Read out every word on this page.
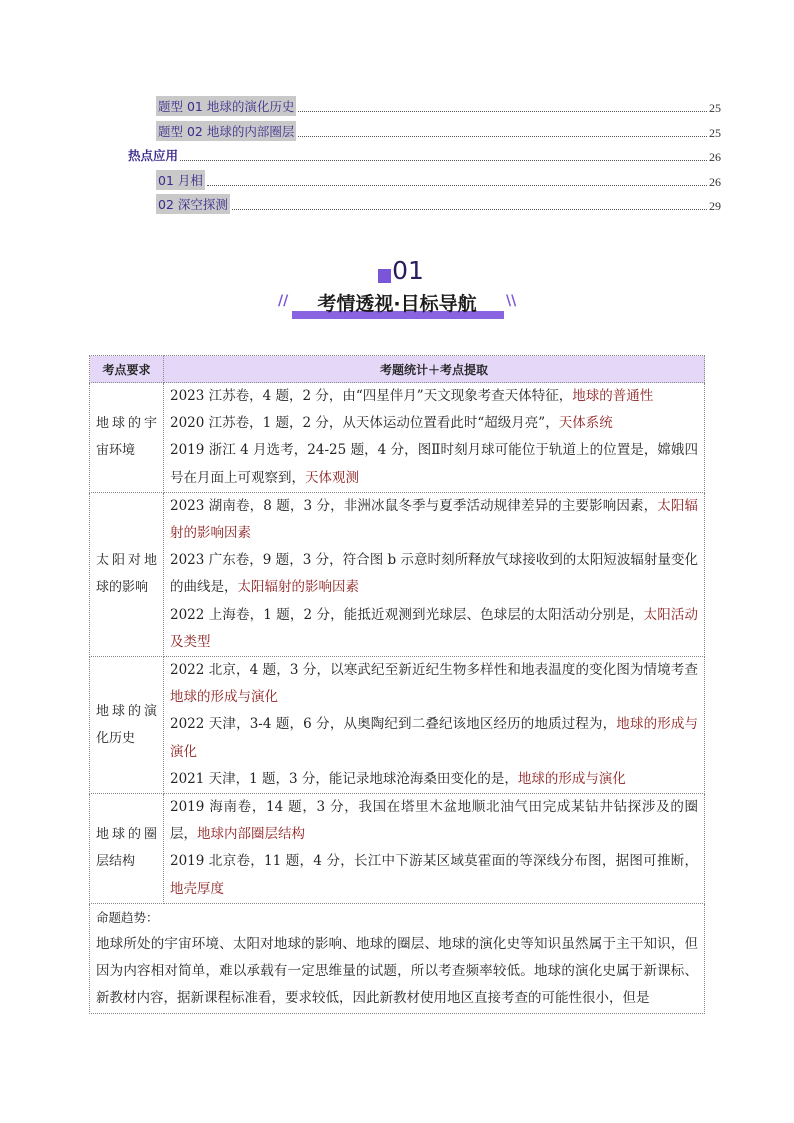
题型 01 地球的演化历史	25
题型 02 地球的内部圈层	25
热点应用	26
01 月相	26
02 深空探测	29
01
//	考情透视·目标导航	\\
考点要求	考题统计＋考点提取
地球的宇宙环境	2023 江苏卷，4 题，2 分，由“四星伴月”天文现象考查天体特征，地球的普通性

2020 江苏卷，1 题，2 分，从天体运动位置看此时“超级月亮”，天体系统

2019 浙江 4 月选考，24-25 题，4 分，图Ⅱ时刻月球可能位于轨道上的位置是，嫦娥四号在月面上可观察到，天体观测

太阳对地球的影响	2023 湖南卷，8 题，3 分，非洲冰鼠冬季与夏季活动规律差异的主要影响因素，太阳辐射的影响因素

2023 广东卷，9 题，3 分，符合图 b 示意时刻所释放气球接收到的太阳短波辐射量变化的曲线是，太阳辐射的影响因素

2022 上海卷，1 题，2 分，能抵近观测到光球层、色球层的太阳活动分别是，太阳活动及类型

地球的演化历史	2022 北京，4 题，3 分，以寒武纪至新近纪生物多样性和地表温度的变化图为情境考查地球的形成与演化

2022 天津，3-4 题，6 分，从奥陶纪到二叠纪该地区经历的地质过程为，地球的形成与演化

2021 天津，1 题，3 分，能记录地球沧海桑田变化的是，地球的形成与演化

地球的圈层结构	2019 海南卷，14 题，3 分，我国在塔里木盆地顺北油气田完成某钻井钻探涉及的圈层，地球内部圈层结构

2019 北京卷，11 题，4 分，长江中下游某区域莫霍面的等深线分布图，据图可推断，地壳厚度

命题趋势：
地球所处的宇宙环境、太阳对地球的影响、地球的圈层、地球的演化史等知识虽然属于主干知识，但因为内容相对简单，难以承载有一定思维量的试题，所以考查频率较低。地球的演化史属于新课标、新教材内容，据新课程标准看，要求较低，因此新教材使用地区直接考查的可能性很小，但是	
